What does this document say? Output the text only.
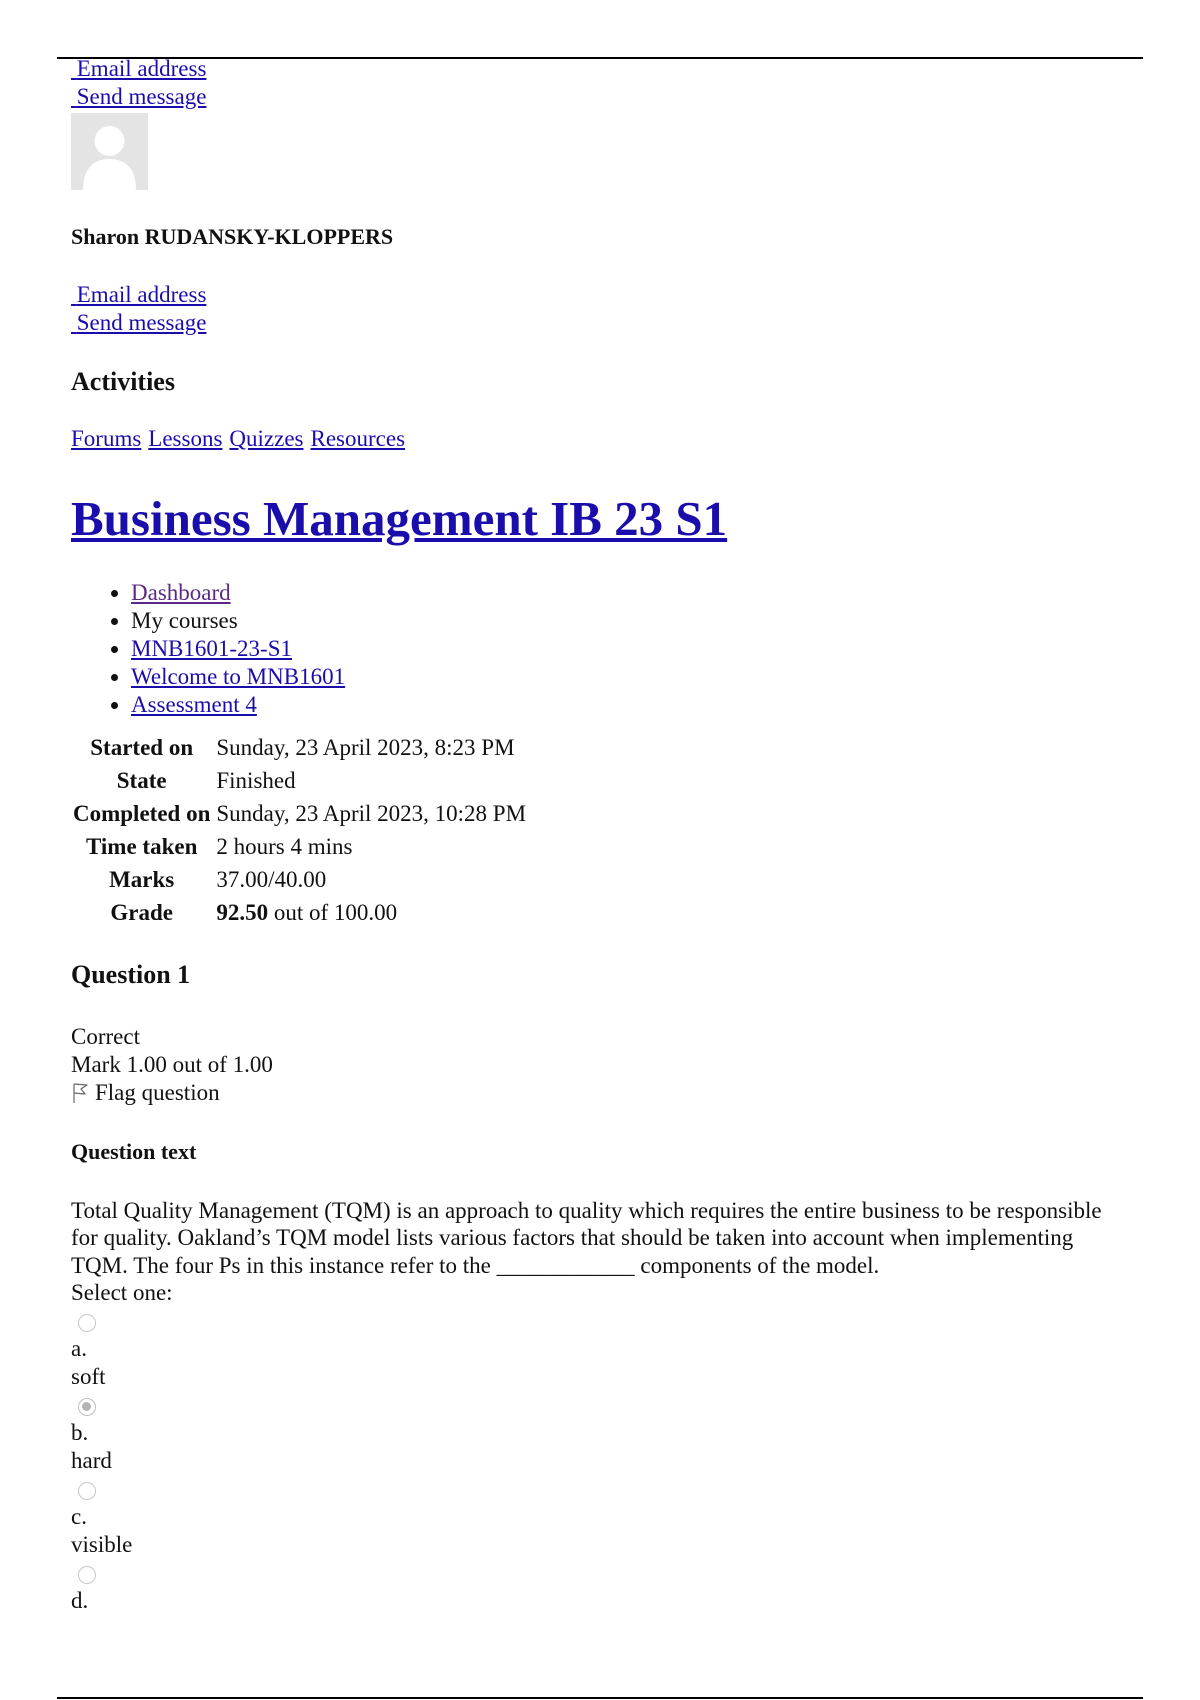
Email address
Send message
Sharon RUDANSKY-KLOPPERS
Email address
Send message
Activities
Forums Lessons Quizzes Resources
Business Management IB 23 S1
• Dashboard
• My courses
• MNB1601-23-S1
• Welcome to MNB1601
• Assessment 4
Started on	Sunday, 23 April 2023, 8:23 PM
State	Finished
Completed on	Sunday, 23 April 2023, 10:28 PM
Time taken	2 hours 4 mins
Marks	37.00/40.00
Grade	92.50 out of 100.00
Question 1
Correct
Mark 1.00 out of 1.00
Flag question
Question text
Total Quality Management (TQM) is an approach to quality which requires the entire business to be responsible for quality. Oakland’s TQM model lists various factors that should be taken into account when implementing TQM. The four Ps in this instance refer to the ____________ components of the model.
Select one:
a.
soft
b.
hard
c.
visible
d.
